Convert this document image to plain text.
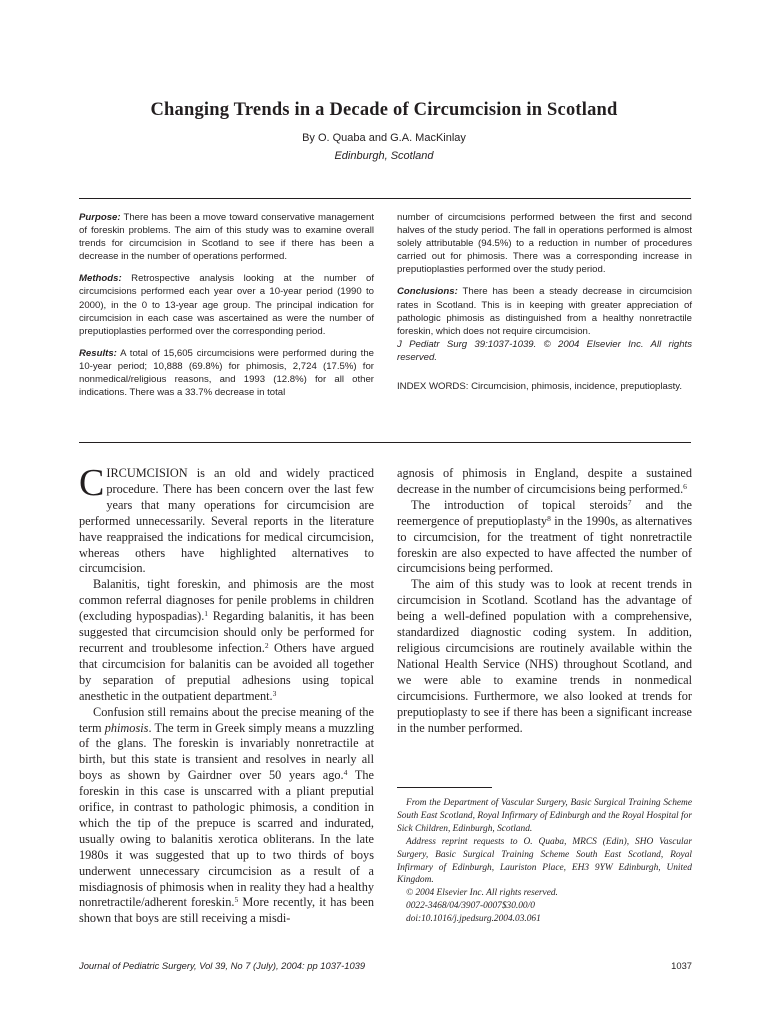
Changing Trends in a Decade of Circumcision in Scotland
By O. Quaba and G.A. MacKinlay
Edinburgh, Scotland

Purpose: There has been a move toward conservative management of foreskin problems. The aim of this study was to examine overall trends for circumcision in Scotland to see if there has been a decrease in the number of operations performed.

Methods: Retrospective analysis looking at the number of circumcisions performed each year over a 10-year period (1990 to 2000), in the 0 to 13-year age group. The principal indication for circumcision in each case was ascertained as were the number of preputioplasties performed over the corresponding period.

Results: A total of 15,605 circumcisions were performed during the 10-year period; 10,888 (69.8%) for phimosis, 2,724 (17.5%) for nonmedical/religious reasons, and 1993 (12.8%) for all other indications. There was a 33.7% decrease in total

number of circumcisions performed between the first and second halves of the study period. The fall in operations performed is almost solely attributable (94.5%) to a reduction in number of procedures carried out for phimosis. There was a corresponding increase in preputioplasties performed over the study period.

Conclusions: There has been a steady decrease in circumcision rates in Scotland. This is in keeping with greater appreciation of pathologic phimosis as distinguished from a healthy nonretractile foreskin, which does not require circumcision.

J Pediatr Surg 39:1037-1039. © 2004 Elsevier Inc. All rights reserved.

INDEX WORDS: Circumcision, phimosis, incidence, preputioplasty.

CIRCUMCISION is an old and widely practiced procedure. There has been concern over the last few years that many operations for circumcision are performed unnecessarily. Several reports in the literature have reappraised the indications for medical circumcision, whereas others have highlighted alternatives to circumcision.

Balanitis, tight foreskin, and phimosis are the most common referral diagnoses for penile problems in children (excluding hypospadias).$^1$ Regarding balanitis, it has been suggested that circumcision should only be performed for recurrent and troublesome infection.$^2$ Others have argued that circumcision for balanitis can be avoided all together by separation of preputial adhesions using topical anesthetic in the outpatient department.$^3$

Confusion still remains about the precise meaning of the term phimosis. The term in Greek simply means a muzzling of the glans. The foreskin is invariably nonretractile at birth, but this state is transient and resolves in nearly all boys as shown by Gairdner over 50 years ago.$^4$ The foreskin in this case is unscarred with a pliant preputial orifice, in contrast to pathologic phimosis, a condition in which the tip of the prepuce is scarred and indurated, usually owing to balanitis xerotica obliterans. In the late 1980s it was suggested that up to two thirds of boys underwent unnecessary circumcision as a result of a misdiagnosis of phimosis when in reality they had a healthy nonretractile/adherent foreskin.$^5$ More recently, it has been shown that boys are still receiving a misdi-

agnosis of phimosis in England, despite a sustained decrease in the number of circumcisions being performed.$^6$

The introduction of topical steroids$^7$ and the reemergence of preputioplasty$^8$ in the 1990s, as alternatives to circumcision, for the treatment of tight nonretractile foreskin are also expected to have affected the number of circumcisions being performed.

The aim of this study was to look at recent trends in circumcision in Scotland. Scotland has the advantage of being a well-defined population with a comprehensive, standardized diagnostic coding system. In addition, religious circumcisions are routinely available within the National Health Service (NHS) throughout Scotland, and we were able to examine trends in nonmedical circumcisions. Furthermore, we also looked at trends for preputioplasty to see if there has been a significant increase in the number performed.

From the Department of Vascular Surgery, Basic Surgical Training Scheme South East Scotland, Royal Infirmary of Edinburgh and the Royal Hospital for Sick Children, Edinburgh, Scotland.

Address reprint requests to O. Quaba, MRCS (Edin), SHO Vascular Surgery, Basic Surgical Training Scheme South East Scotland, Royal Infirmary of Edinburgh, Lauriston Place, EH3 9YW Edinburgh, United Kingdom.

© 2004 Elsevier Inc. All rights reserved.

0022-3468/04/3907-0007$30.00/0

doi:10.1016/j.jpedsurg.2004.03.061

Journal of Pediatric Surgery, Vol 39, No 7 (July), 2004: pp 1037-1039	1037
